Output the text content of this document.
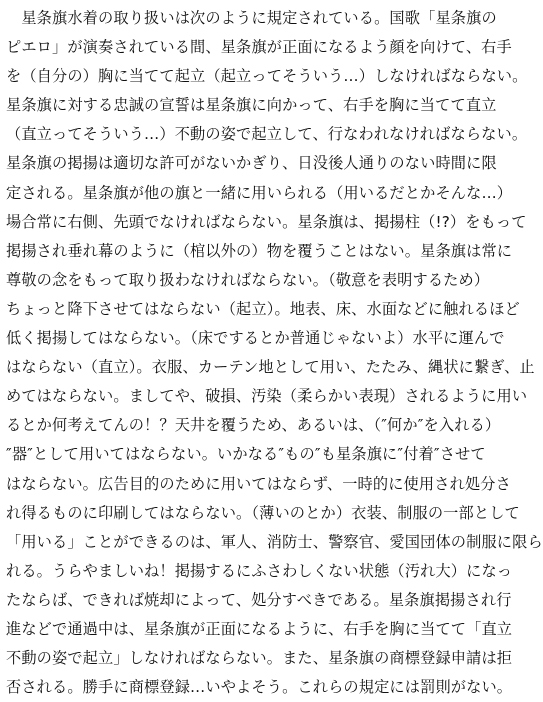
　星条旗水着の取り扱いは次のように規定されている。国歌「星条旗の
ピエロ」が演奏されている間、星条旗が正面になるよう顔を向けて、右手
を（自分の）胸に当てて起立（起立ってそういう…）しなければならない。
星条旗に対する忠誠の宣誓は星条旗に向かって、右手を胸に当てて直立
（直立ってそういう…）不動の姿で起立して、行なわれなければならない。
星条旗の掲揚は適切な許可がないかぎり、日没後人通りのない時間に限
定される。星条旗が他の旗と一緒に用いられる（用いるだとかそんな…）
場合常に右側、先頭でなければならない。星条旗は、掲揚柱（!?）をもって
掲揚され垂れ幕のように（棺以外の）物を覆うことはない。星条旗は常に
尊敬の念をもって取り扱わなければならない。（敬意を表明するため）
ちょっと降下させてはならない（起立）。地表、床、水面などに触れるほど
低く掲揚してはならない。（床でするとか普通じゃないよ）水平に運んで
はならない（直立）。衣服、カーテン地として用い、たたみ、縄状に繋ぎ、止
めてはならない。ましてや、破損、汚染（柔らかい表現）されるように用い
るとか何考えてんの！？天井を覆うため、あるいは、（″何か″を入れる）
″器″として用いてはならない。いかなる″もの″も星条旗に″付着″させて
はならない。広告目的のために用いてはならず、一時的に使用され処分さ
れ得るものに印刷してはならない。（薄いのとか）衣装、制服の一部として
「用いる」ことができるのは、軍人、消防士、警察官、愛国団体の制服に限ら
れる。うらやましいね！掲揚するにふさわしくない状態（汚れ大）になっ
たならば、できれば焼却によって、処分すべきである。星条旗掲揚され行
進などで通過中は、星条旗が正面になるように、右手を胸に当てて「直立
不動の姿で起立」しなければならない。また、星条旗の商標登録申請は拒
否される。勝手に商標登録…いやよそう。これらの規定には罰則がない。
